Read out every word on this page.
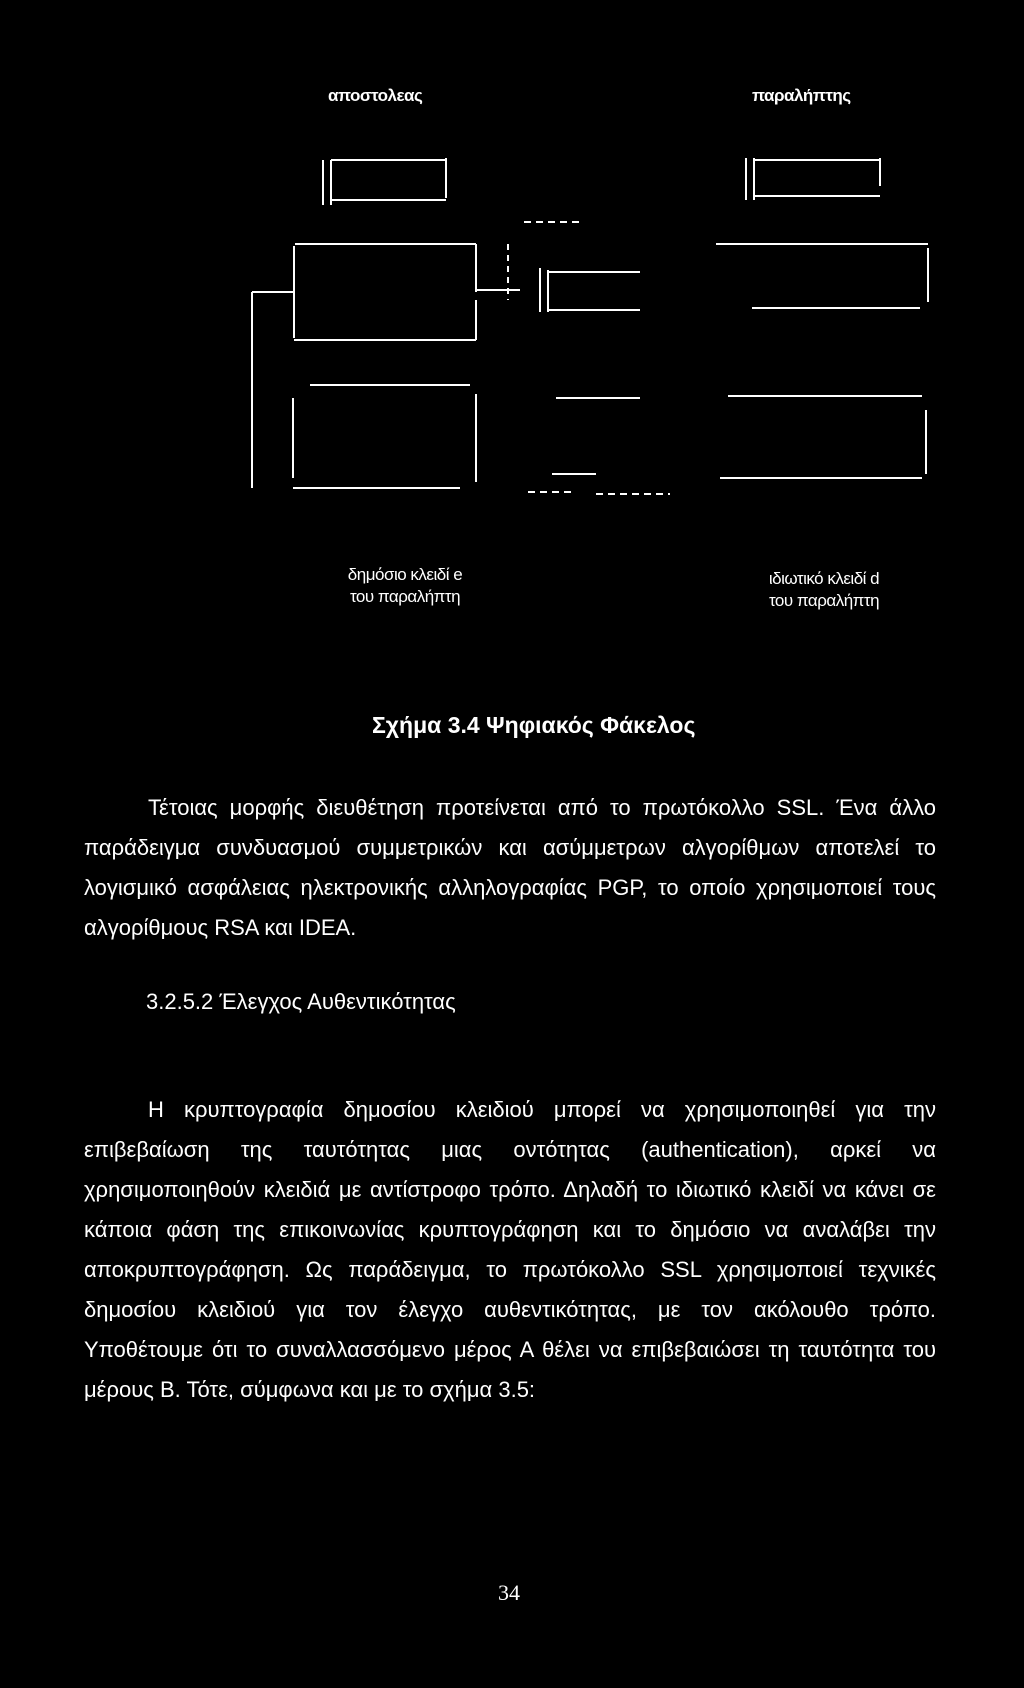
αποστολεας	παραλήπτης
δημόσιο κλειδί e
του παραλήπτη
ιδιωτικό κλειδί d
του παραλήπτη
Σχήμα 3.4 Ψηφιακός Φάκελος
Τέτοιας μορφής διευθέτηση προτείνεται από το πρωτόκολλο SSL. Ένα άλλο
παράδειγμα συνδυασμού συμμετρικών και ασύμμετρων αλγορίθμων αποτελεί το
λογισμικό ασφάλειας ηλεκτρονικής αλληλογραφίας PGP, το οποίο χρησιμοποιεί τους
αλγορίθμους RSA και IDEA.
3.2.5.2 Έλεγχος Αυθεντικότητας
Η κρυπτογραφία δημοσίου κλειδιού μπορεί να χρησιμοποιηθεί για την
επιβεβαίωση της ταυτότητας μιας οντότητας (authentication), αρκεί να
χρησιμοποιηθούν κλειδιά με αντίστροφο τρόπο. Δηλαδή το ιδιωτικό κλειδί να κάνει σε
κάποια φάση της επικοινωνίας κρυπτογράφηση και το δημόσιο να αναλάβει την
αποκρυπτογράφηση. Ως παράδειγμα, το πρωτόκολλο SSL χρησιμοποιεί τεχνικές
δημοσίου κλειδιού για τον έλεγχο αυθεντικότητας, με τον ακόλουθο τρόπο.
Υποθέτουμε ότι το συναλλασσόμενο μέρος Α θέλει να επιβεβαιώσει τη ταυτότητα του
μέρους Β. Τότε, σύμφωνα και με το σχήμα 3.5:
34
